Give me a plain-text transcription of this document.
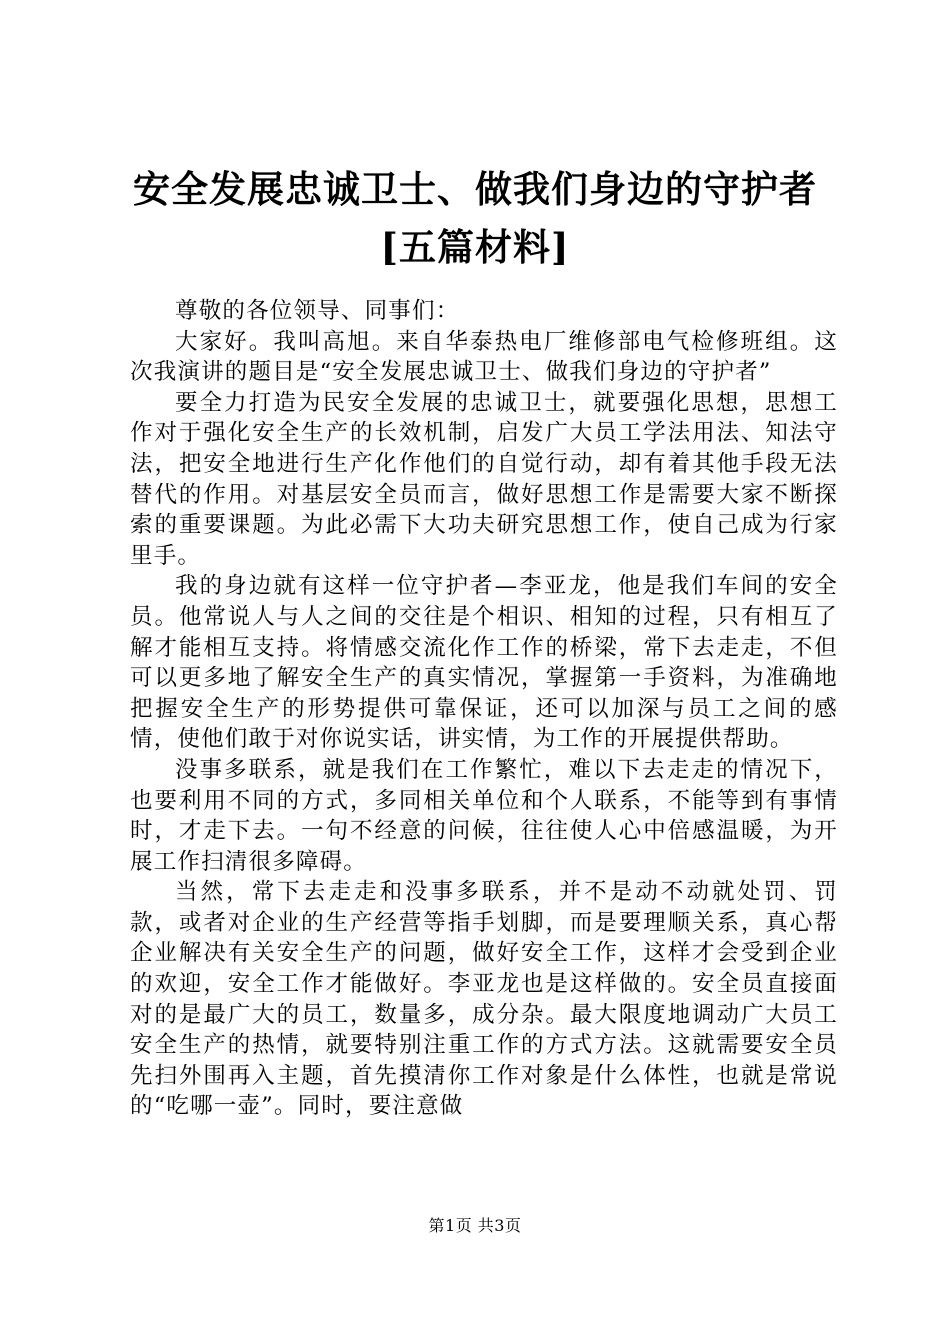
安全发展忠诚卫士、做我们身边的守护者[五篇材料]

尊敬的各位领导、同事们：

大家好。我叫高旭。来自华泰热电厂维修部电气检修班组。这次我演讲的题目是“安全发展忠诚卫士、做我们身边的守护者”

要全力打造为民安全发展的忠诚卫士，就要强化思想，思想工作对于强化安全生产的长效机制，启发广大员工学法用法、知法守法，把安全地进行生产化作他们的自觉行动，却有着其他手段无法替代的作用。对基层安全员而言，做好思想工作是需要大家不断探索的重要课题。为此必需下大功夫研究思想工作，使自己成为行家里手。

我的身边就有这样一位守护者—李亚龙，他是我们车间的安全员。他常说人与人之间的交往是个相识、相知的过程，只有相互了解才能相互支持。将情感交流化作工作的桥梁，常下去走走，不但可以更多地了解安全生产的真实情况，掌握第一手资料，为准确地把握安全生产的形势提供可靠保证，还可以加深与员工之间的感情，使他们敢于对你说实话，讲实情，为工作的开展提供帮助。

没事多联系，就是我们在工作繁忙，难以下去走走的情况下，也要利用不同的方式，多同相关单位和个人联系，不能等到有事情时，才走下去。一句不经意的问候，往往使人心中倍感温暖，为开展工作扫清很多障碍。

当然，常下去走走和没事多联系，并不是动不动就处罚、罚款，或者对企业的生产经营等指手划脚，而是要理顺关系，真心帮企业解决有关安全生产的问题，做好安全工作，这样才会受到企业的欢迎，安全工作才能做好。李亚龙也是这样做的。安全员直接面对的是最广大的员工，数量多，成分杂。最大限度地调动广大员工安全生产的热情，就要特别注重工作的方式方法。这就需要安全员先扫外围再入主题，首先摸清你工作对象是什么体性，也就是常说的“吃哪一壶”。同时，要注意做

第1页 共3页
